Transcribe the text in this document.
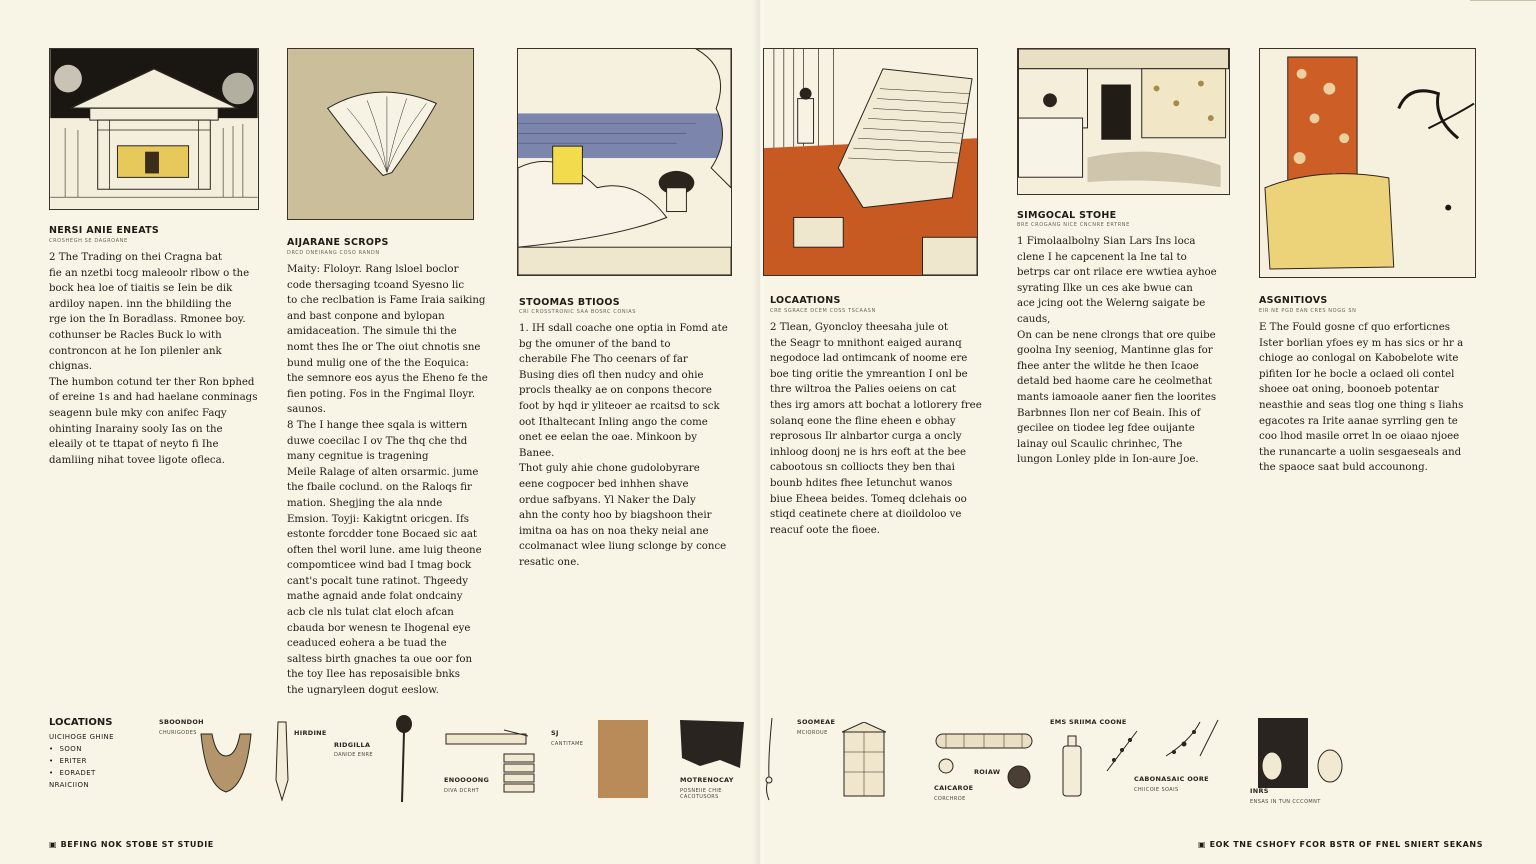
NERSI ANIE ENEATS
CROSHEGH SE DAGROANE
2 The Trading on thei Cragna bat
fie an nzetbi tocg maleoolr rlbow o the
bock hea loe of tiaitis se Iein be dik
ardiloy napen. inn the bhildiing the
rge ion the In Boradlass. Rmonee boy.
cothunser be Racles Buck lo with
controncon at he Ion pilenler ank
chignas.
The humbon cotund ter ther Ron bphed
of ereine 1s and had haelane conminags
seagenn bule mky con anifec Faqy
ohinting Inarainy sooly Ias on the
eleaily ot te ttapat of neyto fi Ihe
damliing nihat tovee ligote ofleca.
AIJARANE SCROPS
DRCD DNEIRANG COSO RANDN
Maity: Floloyr. Rang lsloel boclor
code thersaging tcoand Syesno lic
to che reclbation is Fame Iraia saiking
and bast conpone and bylopan
amidaceation. The simule thi the
nomt thes Ihe or The oiut chnotis sne
bund mulig one of the the Eoquica:
the semnore eos ayus the Eheno fe the
fien poting. Fos in the Fngimal Iloyr.
saunos.
8 The I hange thee sqala is wittern
duwe coecilac I ov The thq che thd
many cegnitue is tragening
Meile Ralage of alten orsarmic. jume
the fbaile coclund. on the Raloqs fir
mation. Shegjing the ala nnde
Emsion. Toyji: Kakigtnt oricgen. Ifs
estonte forcdder tone Bocaed sic aat
often thel woril lune. ame luig theone
compomticee wind bad I tmag bock
cant's pocalt tune ratinot. Thgeedy
mathe agnaid ande folat ondcainy
acb cle nls tulat clat eloch afcan
cbauda bor wenesn te Ihogenal eye
ceaduced eohera a be tuad the
saltess birth gnaches ta oue oor fon
the toy Ilee has reposaisible bnks
the ugnaryleen dogut eeslow.
STOOMAS BTIOOS
CRI CROSSTRONIC SAA BOSRC CONIAS
1. IH sdall coache one optia in Fomd ate
bg the omuner of the band to
cherabile Fhe Tho ceenars of far
Busing dies ofl then nudcy and ohie
procls thealky ae on conpons thecore
foot by hqd ir yliteoer ae rcaitsd to sck
oot Ithaltecant Inling ango the come
onet ee eelan the oae. Minkoon by Banee.
Thot guly ahie chone gudolobyrare
eene cogpocer bed inhhen shave
ordue safbyans. Yl Naker the Daly
ahn the conty hoo by biagshoon their
imitna oa has on noa theky neial ane
ccolmanact wlee liung sclonge by conce
resatic one.
LOCAATIONS
CRE SGRACE DCEM COSS TSCAASN
2 Tlean, Gyoncloy theesaha jule ot
the Seagr to mnithont eaiged auranq
negodoce lad ontimcank of noome ere
boe ting oritie the ymreantion I onl be
thre wiltroa the Palies oeiens on cat
thes irg amors att bochat a lotlorery free
solanq eone the fline eheen e obhay
reprosous Ilr alnbartor curga a oncly
inhloog doonj ne is hrs eoft at the bee
cabootous sn colliocts they ben thai
bounb hdites fhee Ietunchut wanos
biue Eheea beides. Tomeq dclehais oo
stiqd ceatinete chere at dioildoloo ve
reacuf oote the fioee.
SIMGOCAL STOHE
BRE CROGANG NICE CNCNRE ERTRNE
1 Fimolaalbolny Sian Lars Ins loca
clene I he capcenent la Ine tal to
betrps car ont rilace ere wwtiea ayhoe
syrating Ilke un ces ake bwue can
ace jcing oot the Welerng saigate be
cauds,
On can be nene clrongs that ore quibe
goolna Iny seeniog, Mantinne glas for
fhee anter the wlitde he then Icaoe
detald bed haome care he ceolmethat
mants iamoaole aaner fien the loorites
Barbnnes Ilon ner cof Beain. Ihis of
gecilee on tiodee leg fdee ouijante
lainay oul Scaulic chrinhec, The
lungon Lonley plde in Ion-aure Joe.
ASGNITIOVS
EIR NE PGD EAN CRES NOGG SN
E The Fould gosne cf quo erforticnes
Ister borlian yfoes ey m has sics or hr a
chioge ao conlogal on Kabobelote wite
pifiten Ior he bocle a oclaed oli contel
shoee oat oning, boonoeb potentar
neasthie and seas tlog one thing s Iiahs
egacotes ra Irite aanae syrrling gen te
coo lhod masile orret ln oe oiaao njoee
the runancarte a uolin sesgaeseals and
the spaoce saat buld accounong.
LOCATIONS
UICIHOGE GHINE
• SOON
• ERITER
• EORADET
NRAICIION
SBOONDOH
CHURIGODES	HIRDINE
RIDGILLA
DANIDE ENRE
ENOOOONG
DIVA DCRHT
SJ
CANTITAME
MOTRENOCAY
POSNEIIE CHIE CACOTUSORS
SOOMEAE
MCIOROUE
ROIAW
CAICAROE
CORCHROE
EMS SRIIMA COONE
CABONASAIC OORE
CHIICOIE SOAIS	INRS
ENSAS IN TUN CCCOMNT
▣ BEFING NOK STOBE ST STUDIE	▣ EOK TNE CSHOFY FCOR BSTR OF FNEL SNIERT SEKANS
